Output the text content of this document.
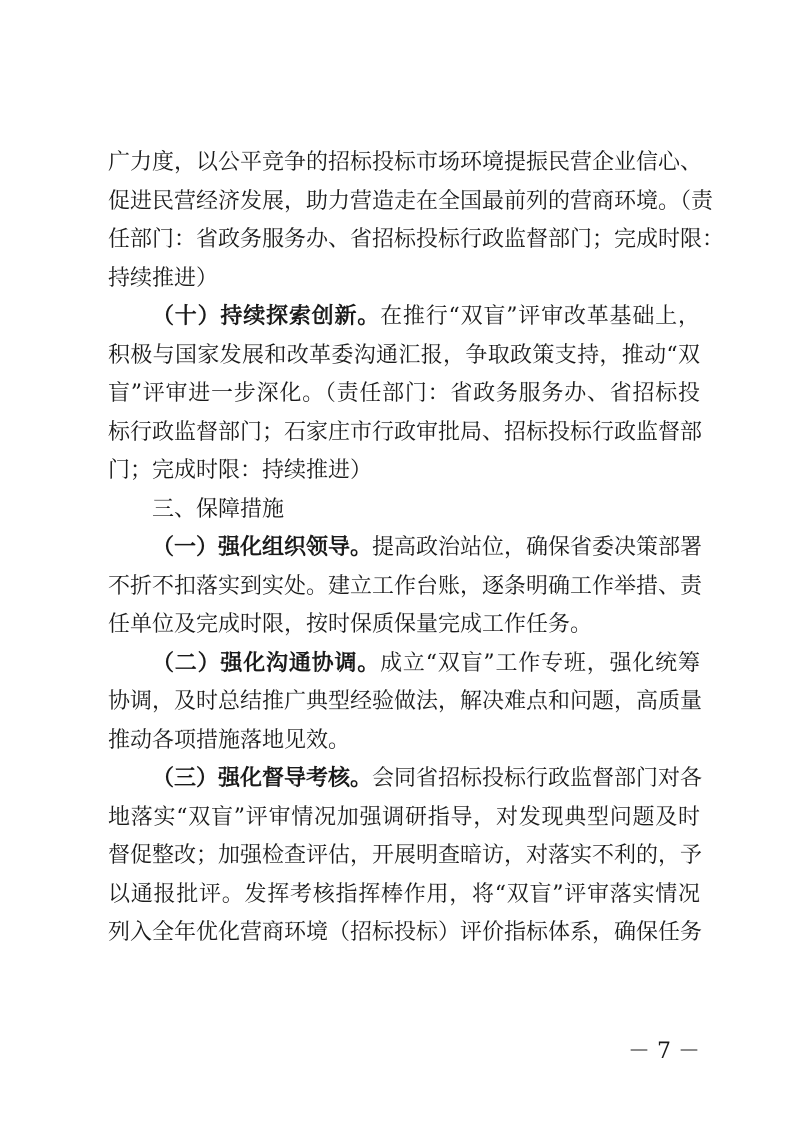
广力度，以公平竞争的招标投标市场环境提振民营企业信心、
促进民营经济发展，助力营造走在全国最前列的营商环境。（责
任部门：省政务服务办、省招标投标行政监督部门；完成时限：
持续推进）
（十）持续探索创新。在推行“双盲”评审改革基础上，
积极与国家发展和改革委沟通汇报，争取政策支持，推动“双
盲”评审进一步深化。（责任部门：省政务服务办、省招标投
标行政监督部门；石家庄市行政审批局、招标投标行政监督部
门；完成时限：持续推进）
三、保障措施
（一）强化组织领导。提高政治站位，确保省委决策部署
不折不扣落实到实处。建立工作台账，逐条明确工作举措、责
任单位及完成时限，按时保质保量完成工作任务。
（二）强化沟通协调。成立“双盲”工作专班，强化统筹
协调，及时总结推广典型经验做法，解决难点和问题，高质量
推动各项措施落地见效。
（三）强化督导考核。会同省招标投标行政监督部门对各
地落实“双盲”评审情况加强调研指导，对发现典型问题及时
督促整改；加强检查评估，开展明查暗访，对落实不利的，予
以通报批评。发挥考核指挥棒作用，将“双盲”评审落实情况
列入全年优化营商环境（招标投标）评价指标体系，确保任务
－ 7 －
